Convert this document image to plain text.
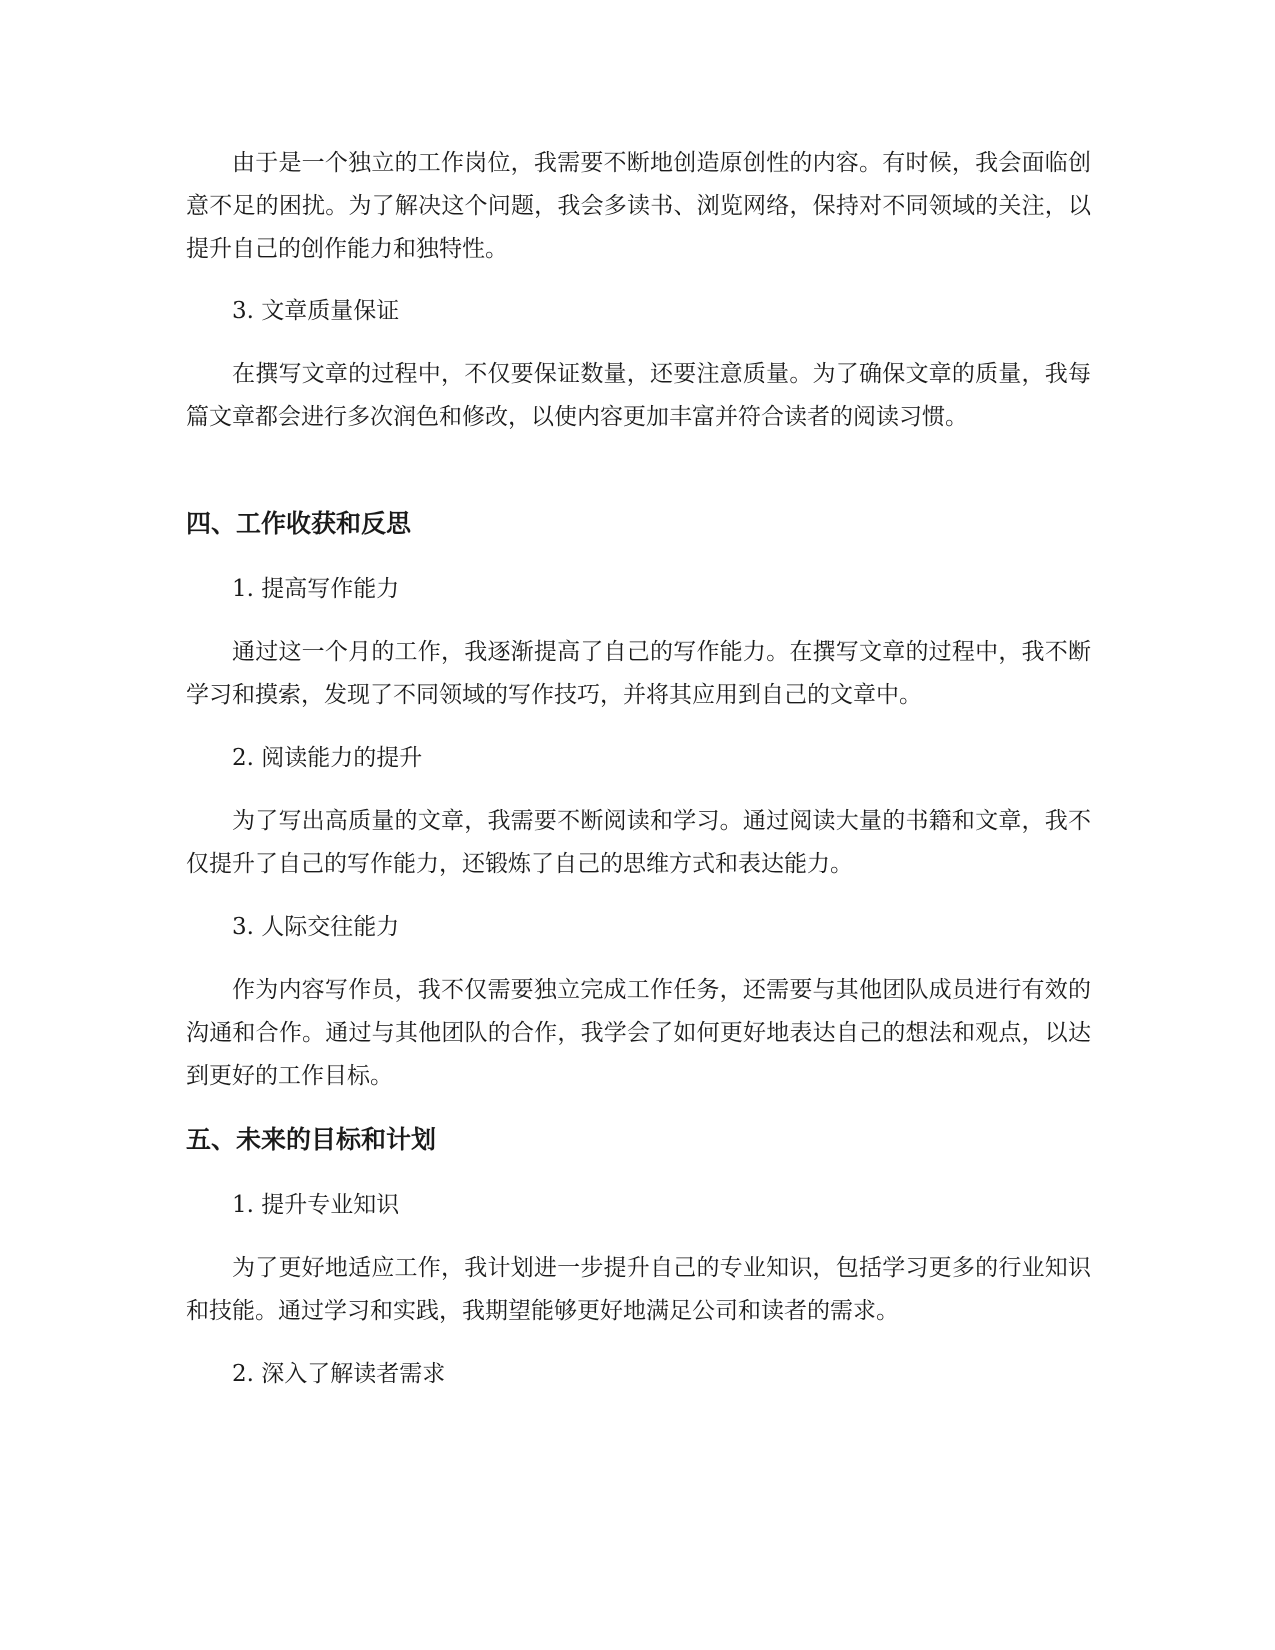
由于是一个独立的工作岗位，我需要不断地创造原创性的内容。有时候，我会面临创意不足的困扰。为了解决这个问题，我会多读书、浏览网络，保持对不同领域的关注，以提升自己的创作能力和独特性。

3. 文章质量保证

在撰写文章的过程中，不仅要保证数量，还要注意质量。为了确保文章的质量，我每篇文章都会进行多次润色和修改，以使内容更加丰富并符合读者的阅读习惯。

四、工作收获和反思

1. 提高写作能力

通过这一个月的工作，我逐渐提高了自己的写作能力。在撰写文章的过程中，我不断学习和摸索，发现了不同领域的写作技巧，并将其应用到自己的文章中。

2. 阅读能力的提升

为了写出高质量的文章，我需要不断阅读和学习。通过阅读大量的书籍和文章，我不仅提升了自己的写作能力，还锻炼了自己的思维方式和表达能力。

3. 人际交往能力

作为内容写作员，我不仅需要独立完成工作任务，还需要与其他团队成员进行有效的沟通和合作。通过与其他团队的合作，我学会了如何更好地表达自己的想法和观点，以达到更好的工作目标。

五、未来的目标和计划

1. 提升专业知识

为了更好地适应工作，我计划进一步提升自己的专业知识，包括学习更多的行业知识和技能。通过学习和实践，我期望能够更好地满足公司和读者的需求。

2. 深入了解读者需求
